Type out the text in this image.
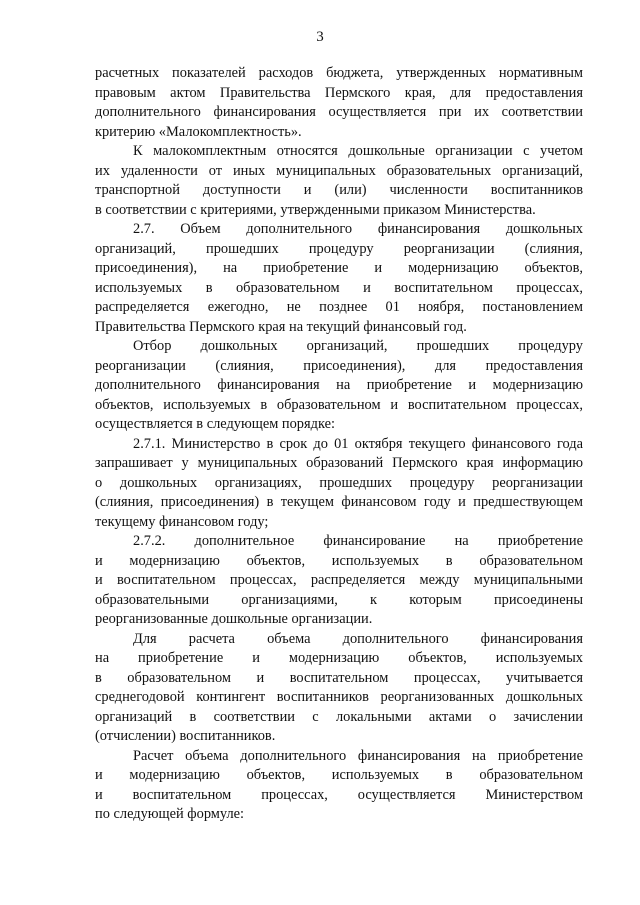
3
расчетных показателей расходов бюджета, утвержденных нормативным
правовым актом Правительства Пермского края, для предоставления
дополнительного финансирования осуществляется при их соответствии
критерию «Малокомплектность».
К малокомплектным относятся дошкольные организации с учетом
их удаленности от иных муниципальных образовательных организаций,
транспортной доступности и (или) численности воспитанников
в соответствии с критериями, утвержденными приказом Министерства.
2.7. Объем дополнительного финансирования дошкольных
организаций, прошедших процедуру реорганизации (слияния,
присоединения), на приобретение и модернизацию объектов,
используемых в образовательном и воспитательном процессах,
распределяется ежегодно, не позднее 01 ноября, постановлением
Правительства Пермского края на текущий финансовый год.
Отбор дошкольных организаций, прошедших процедуру
реорганизации (слияния, присоединения), для предоставления
дополнительного финансирования на приобретение и модернизацию
объектов, используемых в образовательном и воспитательном процессах,
осуществляется в следующем порядке:
2.7.1. Министерство в срок до 01 октября текущего финансового года
запрашивает у муниципальных образований Пермского края информацию
о дошкольных организациях, прошедших процедуру реорганизации
(слияния, присоединения) в текущем финансовом году и предшествующем
текущему финансовом году;
2.7.2. дополнительное финансирование на приобретение
и модернизацию объектов, используемых в образовательном
и воспитательном процессах, распределяется между муниципальными
образовательными организациями, к которым присоединены
реорганизованные дошкольные организации.
Для расчета объема дополнительного финансирования
на приобретение и модернизацию объектов, используемых
в образовательном и воспитательном процессах, учитывается
среднегодовой контингент воспитанников реорганизованных дошкольных
организаций в соответствии с локальными актами о зачислении
(отчислении) воспитанников.
Расчет объема дополнительного финансирования на приобретение
и модернизацию объектов, используемых в образовательном
и воспитательном процессах, осуществляется Министерством
по следующей формуле:
